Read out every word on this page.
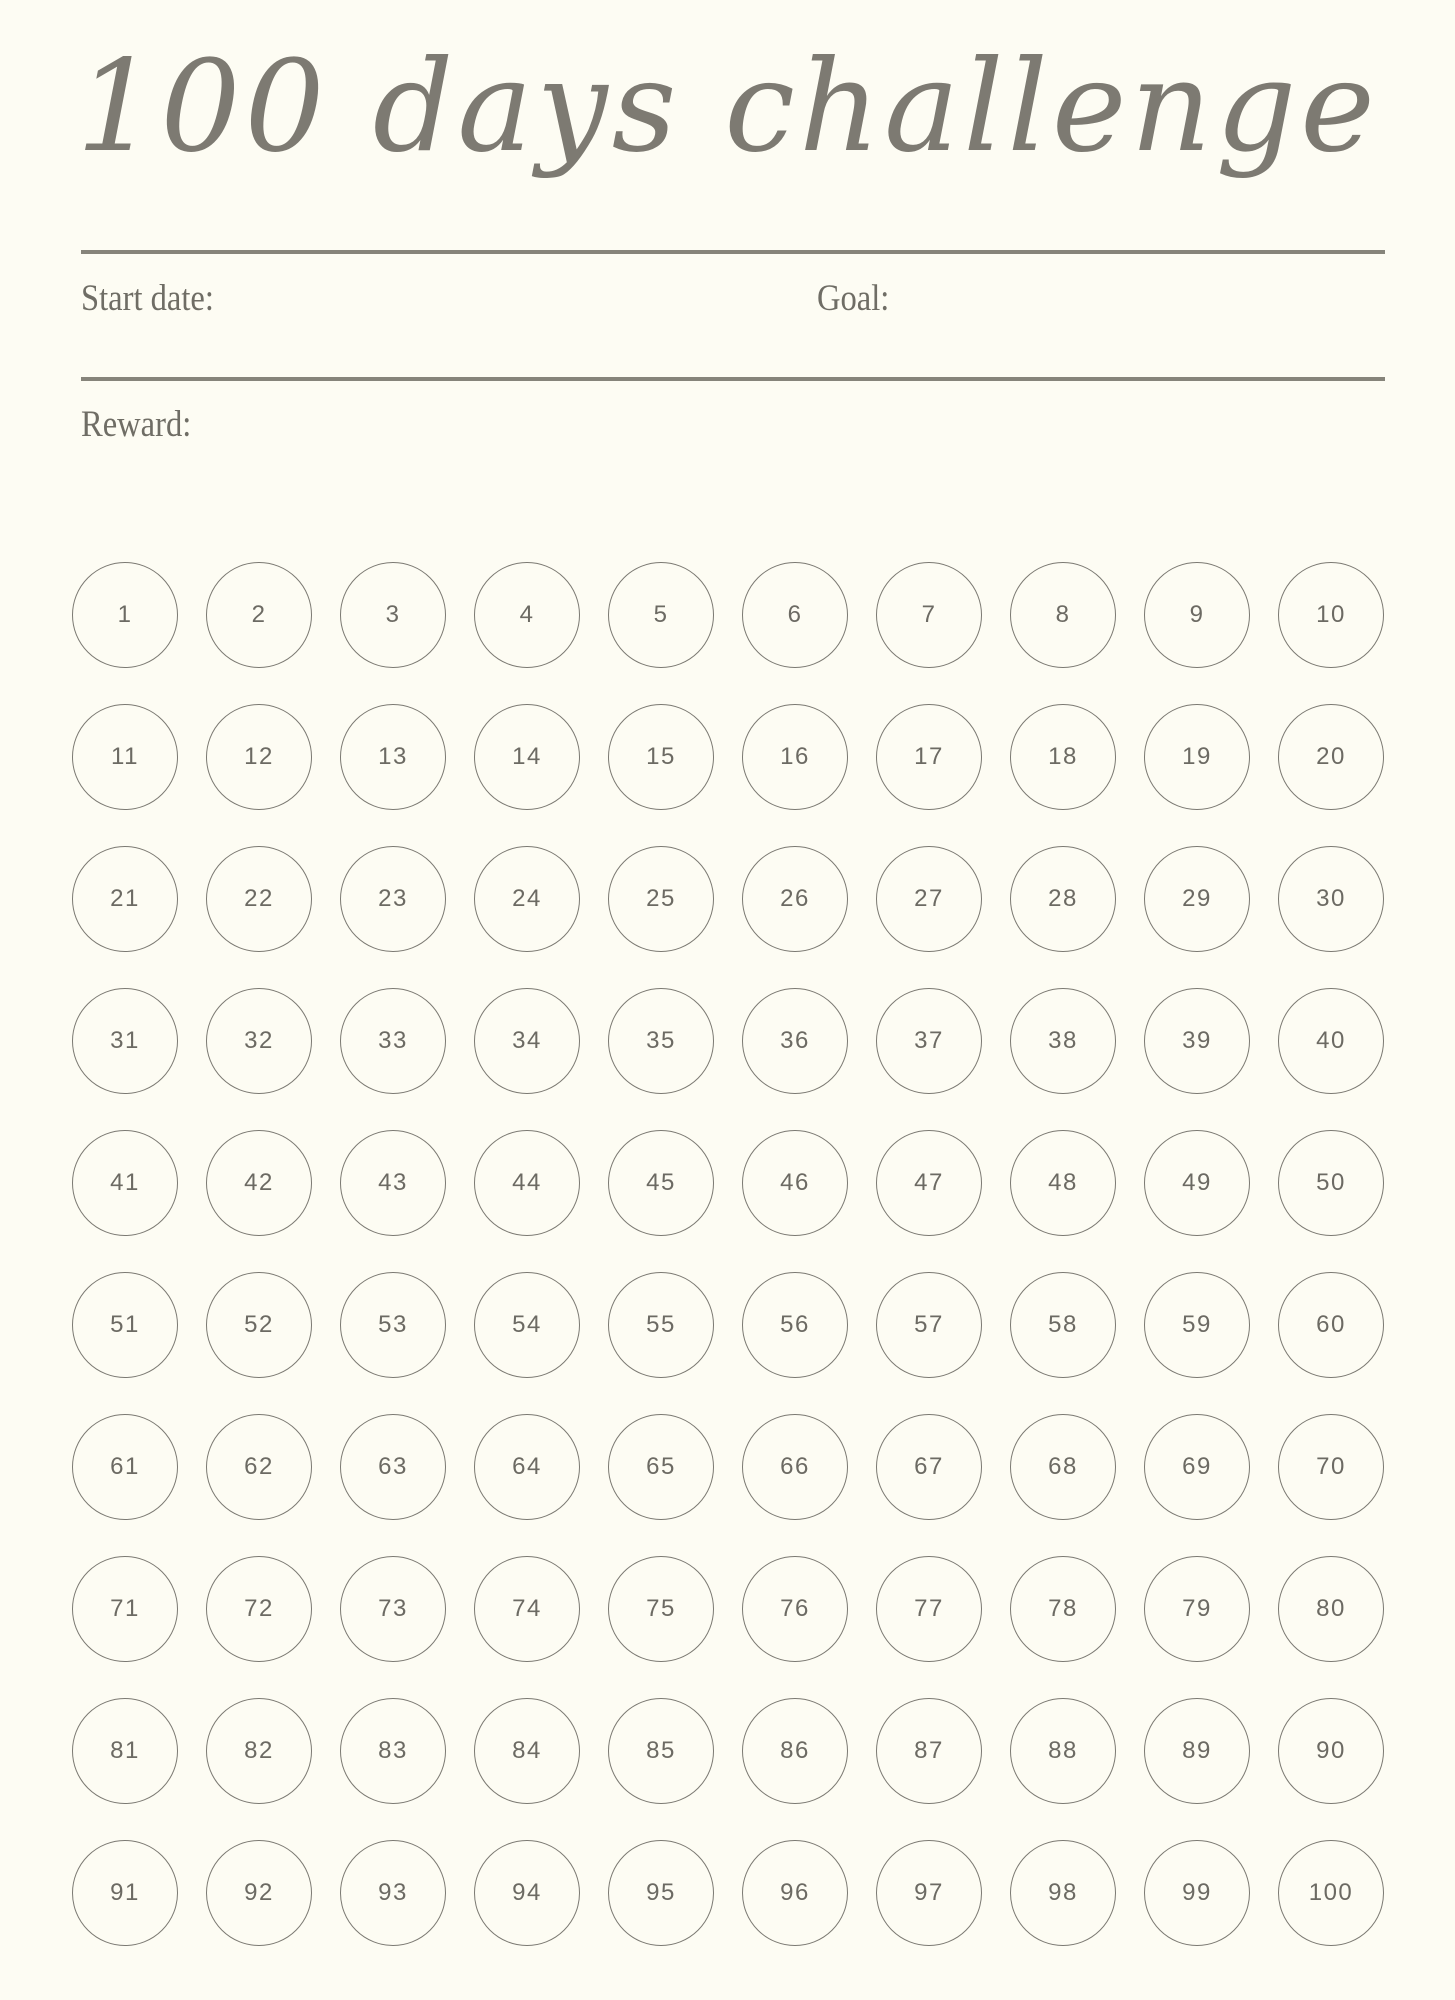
100 days challenge
Start date:	Goal:
Reward:
1	2	3	4	5	6	7	8	9	10
11	12	13	14	15	16	17	18	19	20
21	22	23	24	25	26	27	28	29	30
31	32	33	34	35	36	37	38	39	40
41	42	43	44	45	46	47	48	49	50
51	52	53	54	55	56	57	58	59	60
61	62	63	64	65	66	67	68	69	70
71	72	73	74	75	76	77	78	79	80
81	82	83	84	85	86	87	88	89	90
91	92	93	94	95	96	97	98	99	100
